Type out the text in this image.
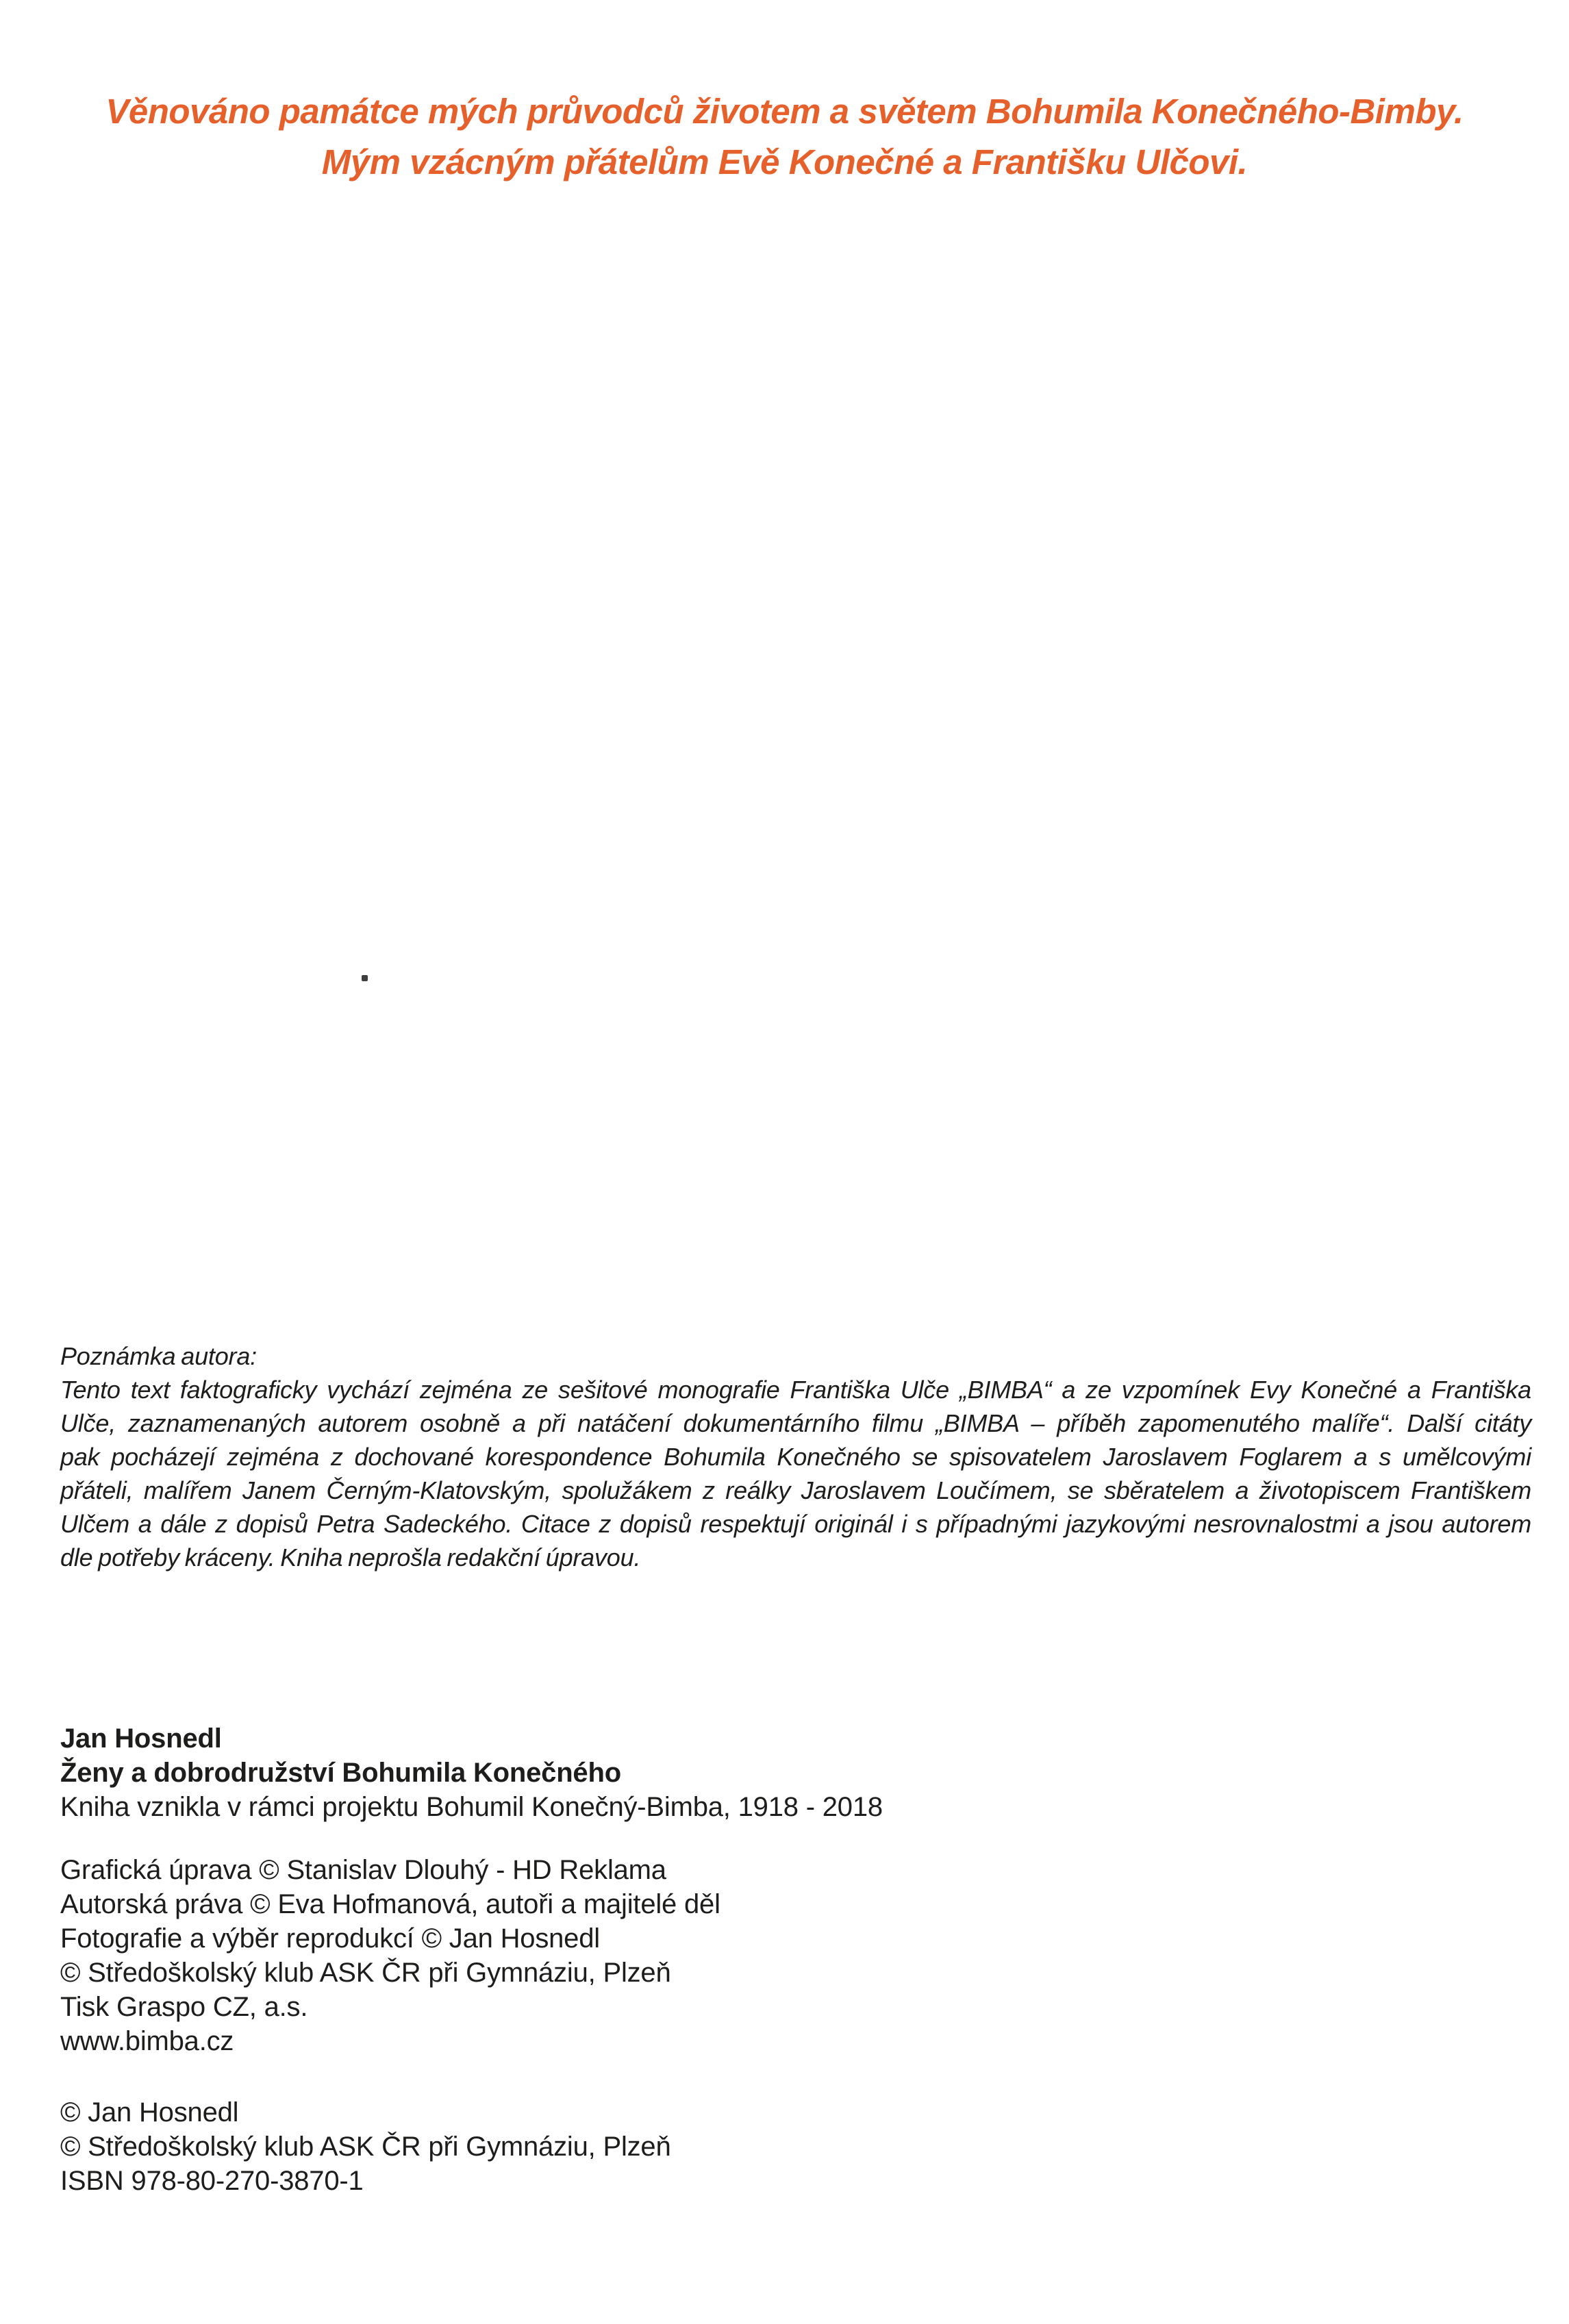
Věnováno památce mých průvodců životem a světem Bohumila Konečného-Bimby.
Mým vzácným přátelům Evě Konečné a Františku Ulčovi.
Poznámka autora:
Tento text faktograficky vychází zejména ze sešitové monografie Františka Ulče „BIMBA“ a ze vzpomínek Evy Konečné a Františka
Ulče, zaznamenaných autorem osobně a při natáčení dokumentárního filmu „BIMBA – příběh zapomenutého malíře“. Další citáty
pak pocházejí zejména z dochované korespondence Bohumila Konečného se spisovatelem Jaroslavem Foglarem a s umělcovými
přáteli, malířem Janem Černým-Klatovským, spolužákem z reálky Jaroslavem Loučímem, se sběratelem a životopiscem Františkem
Ulčem a dále z dopisů Petra Sadeckého. Citace z dopisů respektují originál i s případnými jazykovými nesrovnalostmi a jsou autorem
dle potřeby kráceny. Kniha neprošla redakční úpravou.
Jan Hosnedl
Ženy a dobrodružství Bohumila Konečného
Kniha vznikla v rámci projektu Bohumil Konečný-Bimba, 1918 - 2018
Grafická úprava © Stanislav Dlouhý - HD Reklama
Autorská práva © Eva Hofmanová, autoři a majitelé děl
Fotografie a výběr reprodukcí © Jan Hosnedl
© Středoškolský klub ASK ČR při Gymnáziu, Plzeň
Tisk Graspo CZ, a.s.
www.bimba.cz
© Jan Hosnedl
© Středoškolský klub ASK ČR při Gymnáziu, Plzeň
ISBN 978-80-270-3870-1
